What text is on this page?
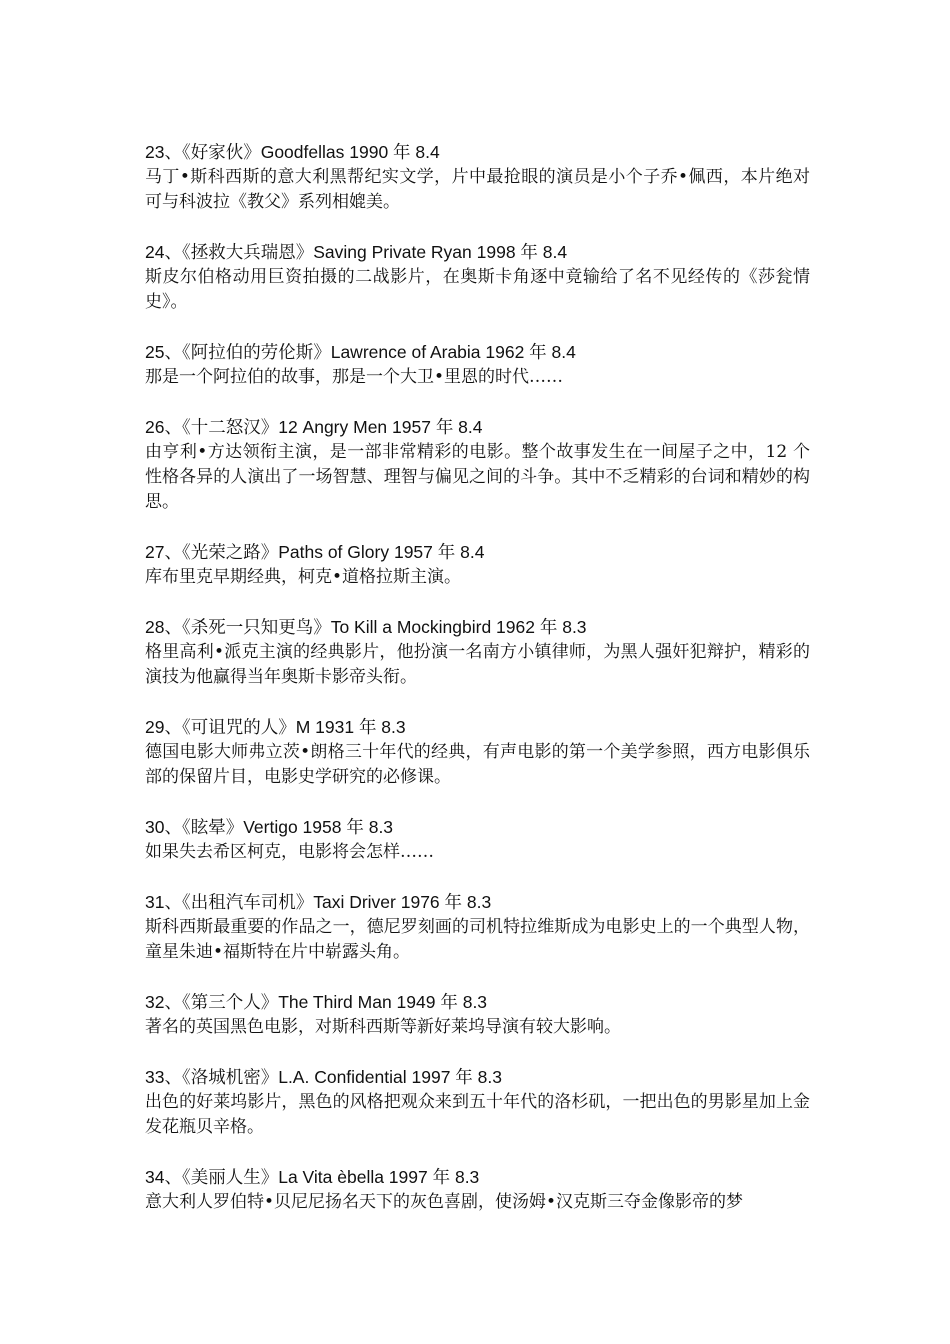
23、《好家伙》Goodfellas 1990 年 8.4

马丁•斯科西斯的意大利黑帮纪实文学，片中最抢眼的演员是小个子乔•佩西，本片绝对可与科波拉《教父》系列相媲美。

24、《拯救大兵瑞恩》Saving Private Ryan 1998 年 8.4

斯皮尔伯格动用巨资拍摄的二战影片，在奥斯卡角逐中竟输给了名不见经传的《莎瓮情史》。

25、《阿拉伯的劳伦斯》Lawrence of Arabia 1962 年 8.4

那是一个阿拉伯的故事，那是一个大卫•里恩的时代……

26、《十二怒汉》12 Angry Men 1957 年 8.4

由亨利•方达领衔主演，是一部非常精彩的电影。整个故事发生在一间屋子之中，12 个性格各异的人演出了一场智慧、理智与偏见之间的斗争。其中不乏精彩的台词和精妙的构思。

27、《光荣之路》Paths of Glory 1957 年 8.4

库布里克早期经典，柯克•道格拉斯主演。

28、《杀死一只知更鸟》To Kill a Mockingbird 1962 年 8.3

格里高利•派克主演的经典影片，他扮演一名南方小镇律师，为黑人强奸犯辩护，精彩的演技为他赢得当年奥斯卡影帝头衔。

29、《可诅咒的人》M 1931 年 8.3

德国电影大师弗立茨•朗格三十年代的经典，有声电影的第一个美学参照，西方电影俱乐部的保留片目，电影史学研究的必修课。

30、《眩晕》Vertigo 1958 年 8.3

如果失去希区柯克，电影将会怎样……

31、《出租汽车司机》Taxi Driver 1976 年 8.3

斯科西斯最重要的作品之一，德尼罗刻画的司机特拉维斯成为电影史上的一个典型人物，童星朱迪•福斯特在片中崭露头角。

32、《第三个人》The Third Man 1949 年 8.3

著名的英国黑色电影，对斯科西斯等新好莱坞导演有较大影响。

33、《洛城机密》L.A. Confidential 1997 年 8.3

出色的好莱坞影片，黑色的风格把观众来到五十年代的洛杉矶，一把出色的男影星加上金发花瓶贝辛格。

34、《美丽人生》La Vita èbella 1997 年 8.3

意大利人罗伯特•贝尼尼扬名天下的灰色喜剧，使汤姆•汉克斯三夺金像影帝的梦
